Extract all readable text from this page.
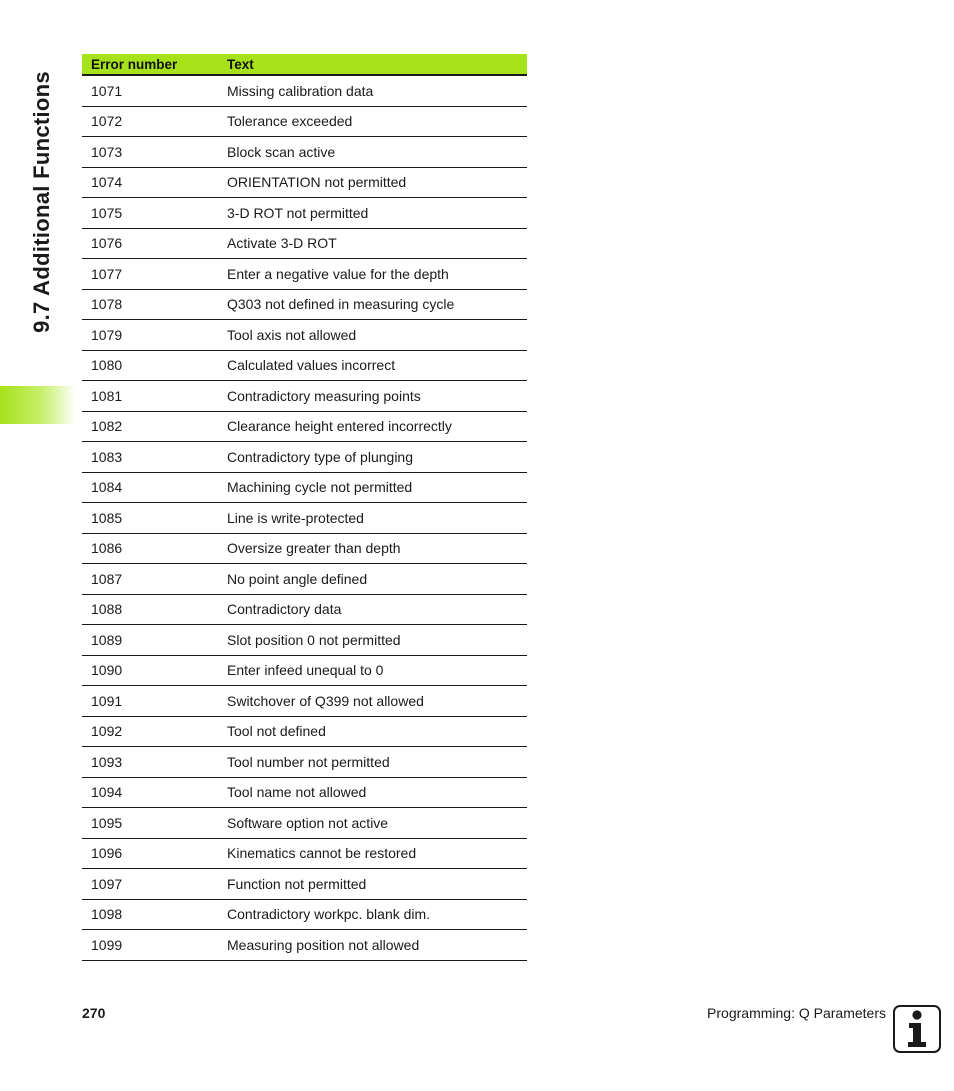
9.7 Additional Functions
Error number	Text
1071	Missing calibration data
1072	Tolerance exceeded
1073	Block scan active
1074	ORIENTATION not permitted
1075	3-D ROT not permitted
1076	Activate 3-D ROT
1077	Enter a negative value for the depth
1078	Q303 not defined in measuring cycle
1079	Tool axis not allowed
1080	Calculated values incorrect
1081	Contradictory measuring points
1082	Clearance height entered incorrectly
1083	Contradictory type of plunging
1084	Machining cycle not permitted
1085	Line is write-protected
1086	Oversize greater than depth
1087	No point angle defined
1088	Contradictory data
1089	Slot position 0 not permitted
1090	Enter infeed unequal to 0
1091	Switchover of Q399 not allowed
1092	Tool not defined
1093	Tool number not permitted
1094	Tool name not allowed
1095	Software option not active
1096	Kinematics cannot be restored
1097	Function not permitted
1098	Contradictory workpc. blank dim.
1099	Measuring position not allowed
270	Programming: Q Parameters
